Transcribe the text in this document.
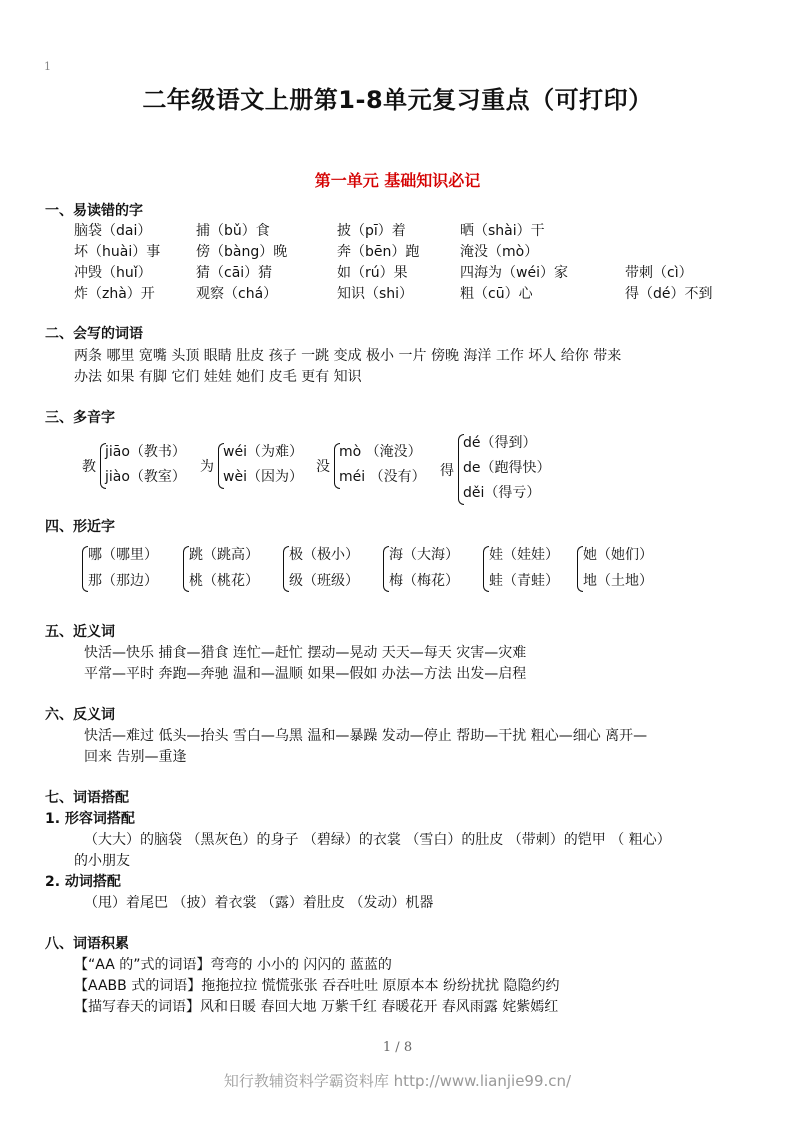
1
二年级语文上册第1-8单元复习重点（可打印）
第一单元 基础知识必记
一、易读错的字
脑袋（dai）	捕（bǔ）食	披（pī）着	晒（shài）干
坏（huài）事	傍（bàng）晚	奔（bēn）跑	淹没（mò）
冲毁（huǐ）	猜（cāi）猜	如（rú）果	四海为（wéi）家	带刺（cì）
炸（zhà）开	观察（chá）	知识（shi）	粗（cū）心	得（dé）不到
二、会写的词语
两条 哪里 宽嘴 头顶 眼睛 肚皮 孩子 一跳 变成 极小 一片 傍晚 海洋 工作 坏人 给你 带来
办法 如果 有脚 它们 娃娃 她们 皮毛 更有 知识
三、多音字
教
jiāo（教书）
jiào（教室）
为
wéi（为难）
wèi（因为）
没
mò （淹没）
méi （没有） 得
dé（得到）
de（跑得快）
děi（得亏）
四、形近字
哪（哪里）
那（那边）
跳（跳高）
桃（桃花）
极（极小）
级（班级）
海（大海）
梅（梅花）
娃（娃娃）
蛙（青蛙）
她（她们）
地（土地）
五、近义词
快活—快乐 捕食—猎食 连忙—赶忙 摆动—晃动 天天—每天 灾害—灾难
平常—平时 奔跑—奔驰 温和—温顺 如果—假如 办法—方法 出发—启程
六、反义词
快活—难过 低头—抬头 雪白—乌黑 温和—暴躁 发动—停止 帮助—干扰 粗心—细心 离开—
回来 告别—重逢
七、词语搭配
1. 形容词搭配
（大大）的脑袋 （黑灰色）的身子 （碧绿）的衣裳 （雪白）的肚皮 （带刺）的铠甲 （ 粗心）
的小朋友
2. 动词搭配
（甩）着尾巴 （披）着衣裳 （露）着肚皮 （发动）机器
八、词语积累
【“AA 的”式的词语】弯弯的 小小的 闪闪的 蓝蓝的
【AABB 式的词语】拖拖拉拉 慌慌张张 吞吞吐吐 原原本本 纷纷扰扰 隐隐约约
【描写春天的词语】风和日暖 春回大地 万紫千红 春暖花开 春风雨露 姹紫嫣红
1 / 8
知行教辅资料学霸资料库 http://www.lianjie99.cn/
